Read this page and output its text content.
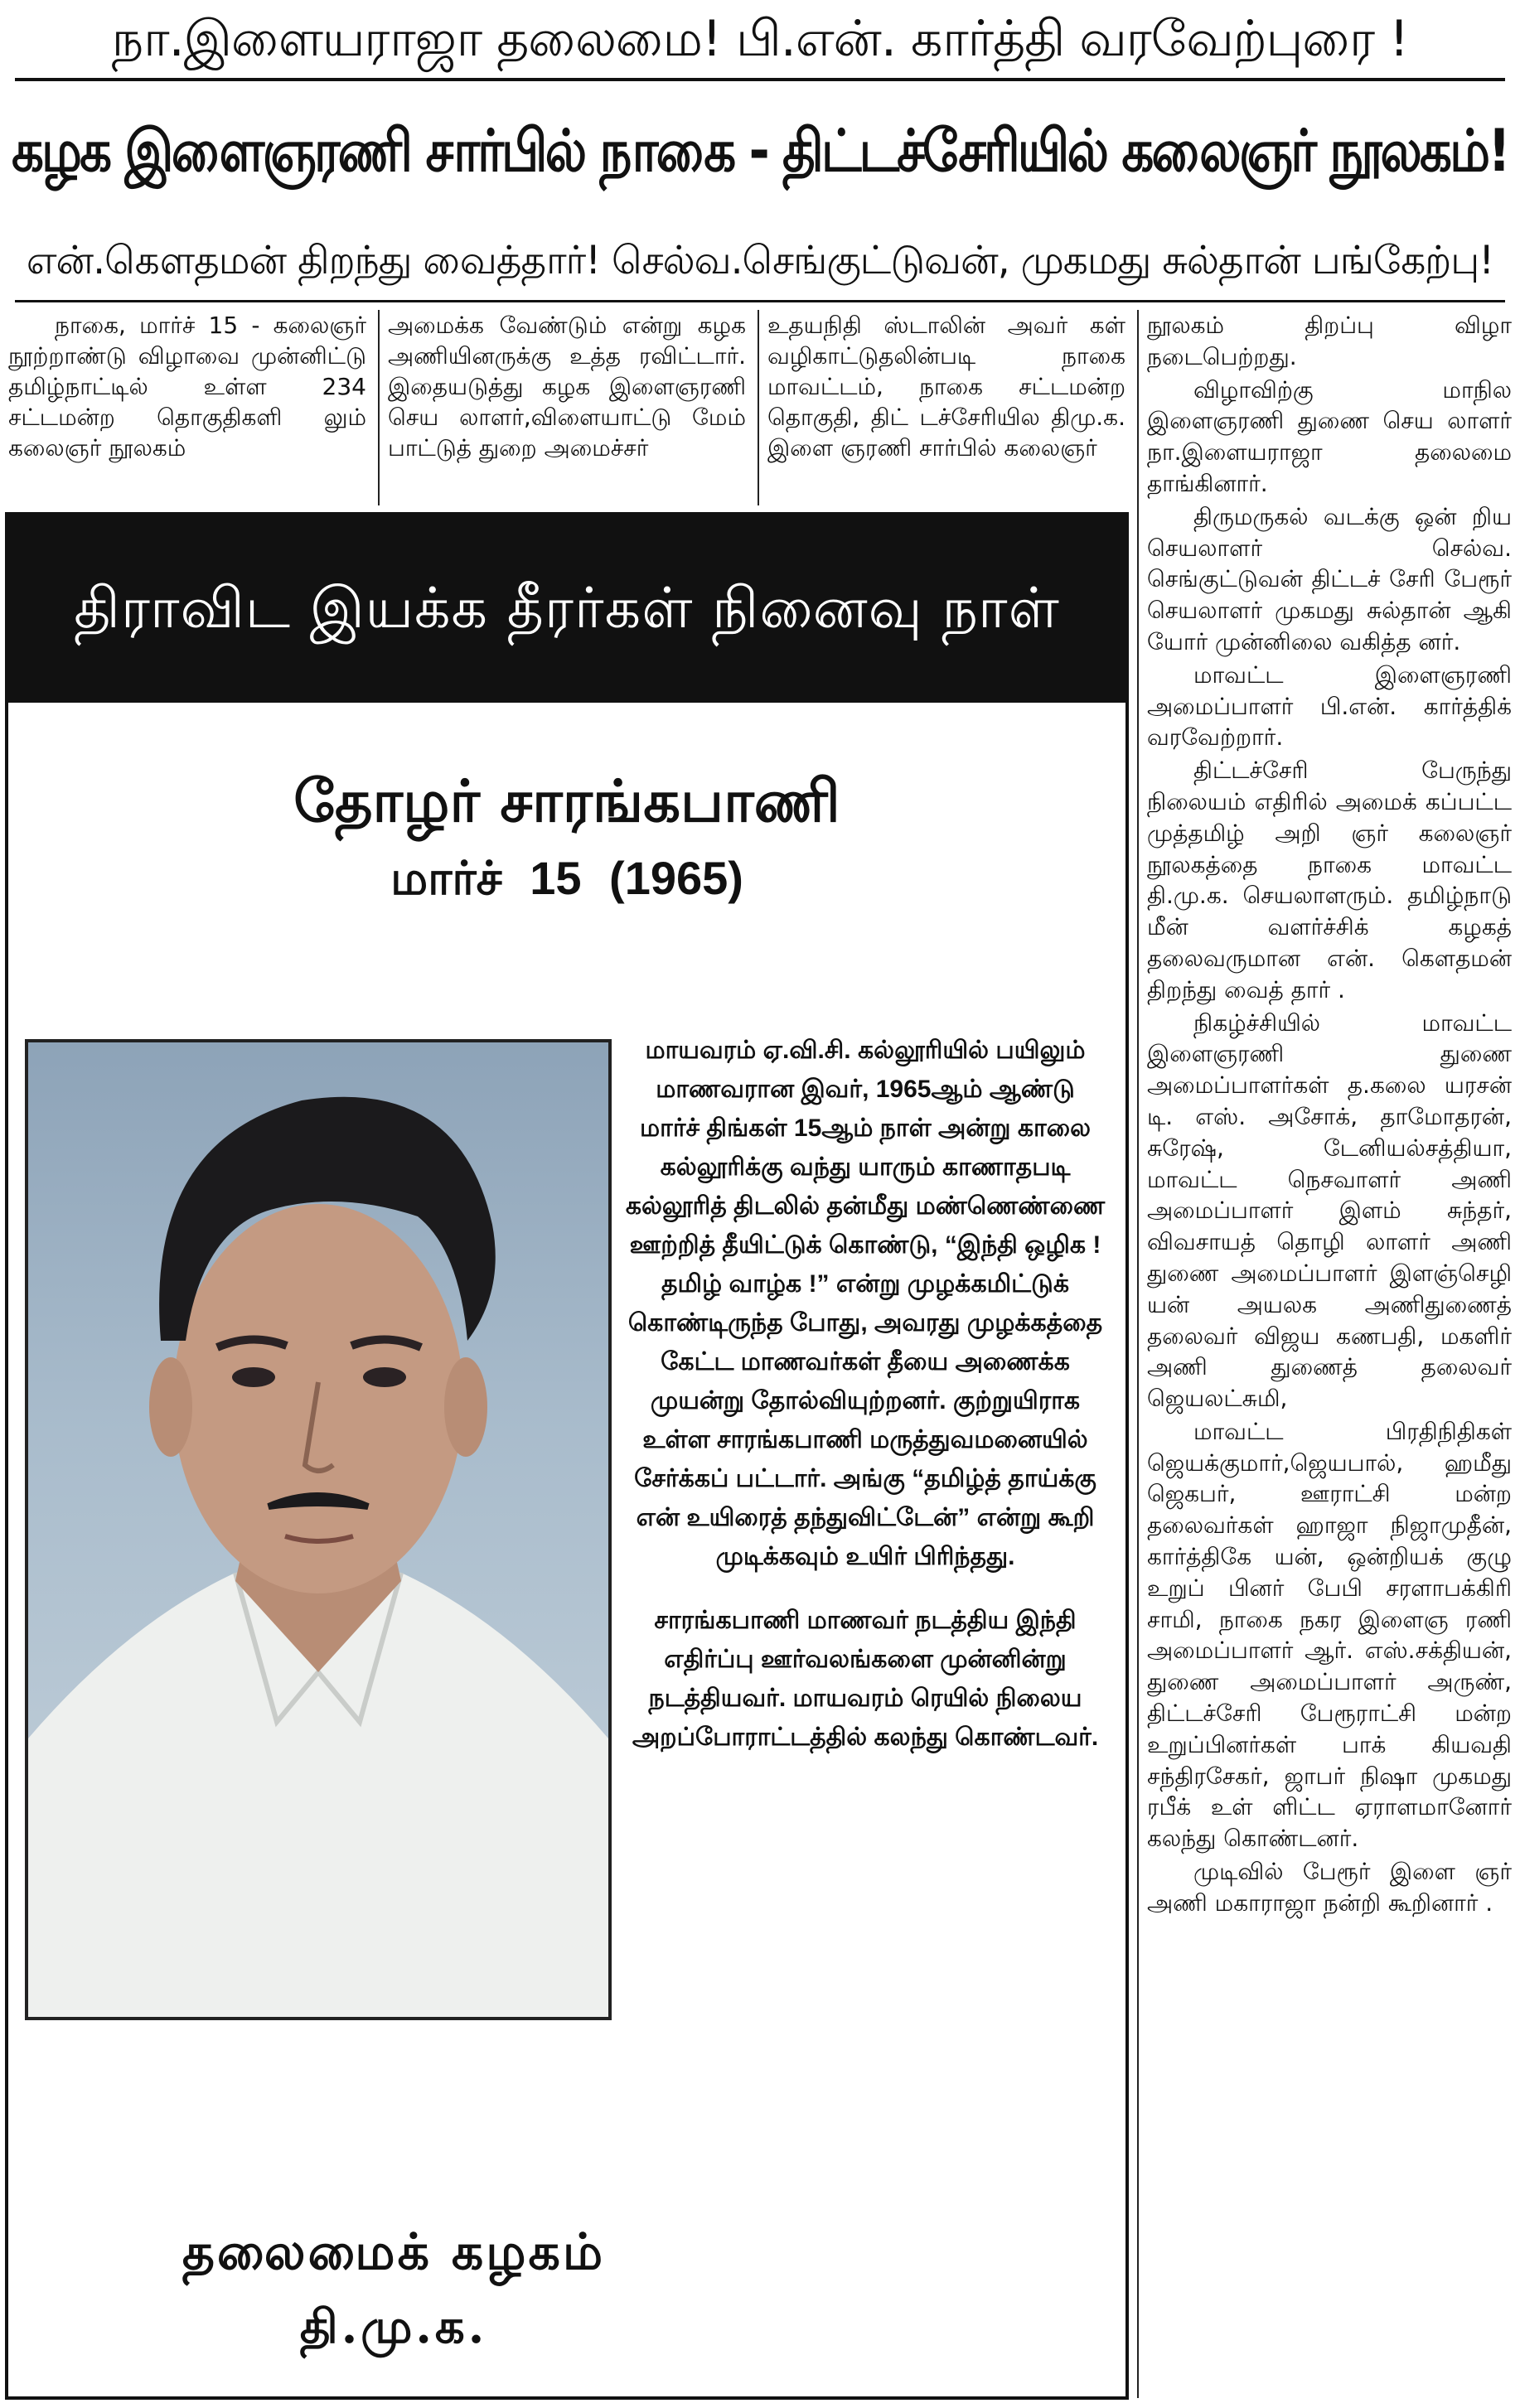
நா.இளையராஜா தலைமை! பி.என். கார்த்தி வரவேற்புரை !
கழக இளைஞரணி சார்பில் நாகை - திட்டச்சேரியில் கலைஞர் நூலகம்!
என்.கௌதமன் திறந்து வைத்தார்! செல்வ.செங்குட்டுவன், முகமது சுல்தான் பங்கேற்பு!

நாகை, மார்ச் 15 - கலைஞர் நூற்றாண்டு விழாவை முன்னிட்டு தமிழ்நாட்டில் உள்ள 234 சட்டமன்ற தொகுதிகளி லும் கலைஞர் நூலகம்

அமைக்க வேண்டும் என்று கழக அணியினருக்கு உத்த ரவிட்டார். இதையடுத்து கழக இளைஞரணி செய லாளர்,விளையாட்டு மேம் பாட்டுத் துறை அமைச்சர்

உதயநிதி ஸ்டாலின் அவர் கள் வழிகாட்டுதலின்படி நாகை மாவட்டம், நாகை சட்டமன்ற தொகுதி, திட் டச்சேரியில திமு.க. இளை ஞரணி சார்பில் கலைஞர்

நூலகம் திறப்பு விழா நடைபெற்றது.

விழாவிற்கு மாநில இளைஞரணி துணை செய லாளர் நா.இளையராஜா தலைமை தாங்கினார்.

திருமருகல் வடக்கு ஒன் றிய செயலாளர் செல்வ. செங்குட்டுவன் திட்டச் சேரி பேரூர் செயலாளர் முகமது சுல்தான் ஆகி யோர் முன்னிலை வகித்த னர்.

மாவட்ட இளைஞரணி அமைப்பாளர் பி.என். கார்த்திக் வரவேற்றார்.

திட்டச்சேரி பேருந்து நிலையம் எதிரில் அமைக் கப்பட்ட முத்தமிழ் அறி ஞர் கலைஞர் நூலகத்தை நாகை மாவட்ட தி.மு.க. செயலாளரும். தமிழ்நாடு மீன் வளர்ச்சிக் கழகத் தலைவருமான என். கௌதமன் திறந்து வைத் தார் .

நிகழ்ச்சியில் மாவட்ட இளைஞரணி துணை அமைப்பாளர்கள் த.கலை யரசன் டி. எஸ். அசோக், தாமோதரன், சுரேஷ், டேனியல்சத்தியா, மாவட்ட நெசவாளர் அணி அமைப்பாளர் இளம் சுந்தர், விவசாயத் தொழி லாளர் அணி துணை அமைப்பாளர் இளஞ்செழி யன் அயலக அணிதுணைத் தலைவர் விஜய கணபதி, மகளிர் அணி துணைத் தலைவர் ஜெயலட்சுமி,

மாவட்ட பிரதிநிதிகள் ஜெயக்குமார்,ஜெயபால், ஹமீது ஜெகபர், ஊராட்சி மன்ற தலைவர்கள் ஹாஜா நிஜாமுதீன், கார்த்திகே யன், ஒன்றியக் குழு உறுப் பினர் பேபி சரளாபக்கிரி சாமி, நாகை நகர இளைஞ ரணி அமைப்பாளர் ஆர். எஸ்.சக்தியன், துணை அமைப்பாளர் அருண், திட்டச்சேரி பேரூராட்சி மன்ற உறுப்பினர்கள் பாக் கியவதி சந்திரசேகர், ஜாபர் நிஷா முகமது ரபீக் உள் ளிட்ட ஏராளமானோர் கலந்து கொண்டனர்.

முடிவில் பேரூர் இளை ஞர் அணி மகாராஜா நன்றி கூறினார் .

திராவிட இயக்க தீரர்கள் நினைவு நாள்
தோழர் சாரங்கபாணி
மார்ச் 15 (1965)

மாயவரம் ஏ.வி.சி. கல்லூரியில் பயிலும் மாணவரான இவர், 1965ஆம் ஆண்டு மார்ச் திங்கள் 15ஆம் நாள் அன்று காலை கல்லூரிக்கு வந்து யாரும் காணாதபடி கல்லூரித் திடலில் தன்மீது மண்ணெண்ணை ஊற்றித் தீயிட்டுக் கொண்டு, “இந்தி ஒழிக ! தமிழ் வாழ்க !” என்று முழக்கமிட்டுக் கொண்டிருந்த போது, அவரது முழக்கத்தை கேட்ட மாணவர்கள் தீயை அணைக்க முயன்று தோல்வியுற்றனர். குற்றுயிராக உள்ள சாரங்கபாணி மருத்துவமனையில் சேர்க்கப் பட்டார். அங்கு “தமிழ்த் தாய்க்கு என் உயிரைத் தந்துவிட்டேன்” என்று கூறி முடிக்கவும் உயிர் பிரிந்தது.

சாரங்கபாணி மாணவர் நடத்திய இந்தி எதிர்ப்பு ஊர்வலங்களை முன்னின்று நடத்தியவர். மாயவரம் ரெயில் நிலைய அறப்போராட்டத்தில் கலந்து கொண்டவர்.

தலைமைக் கழகம்
தி.மு.க.
